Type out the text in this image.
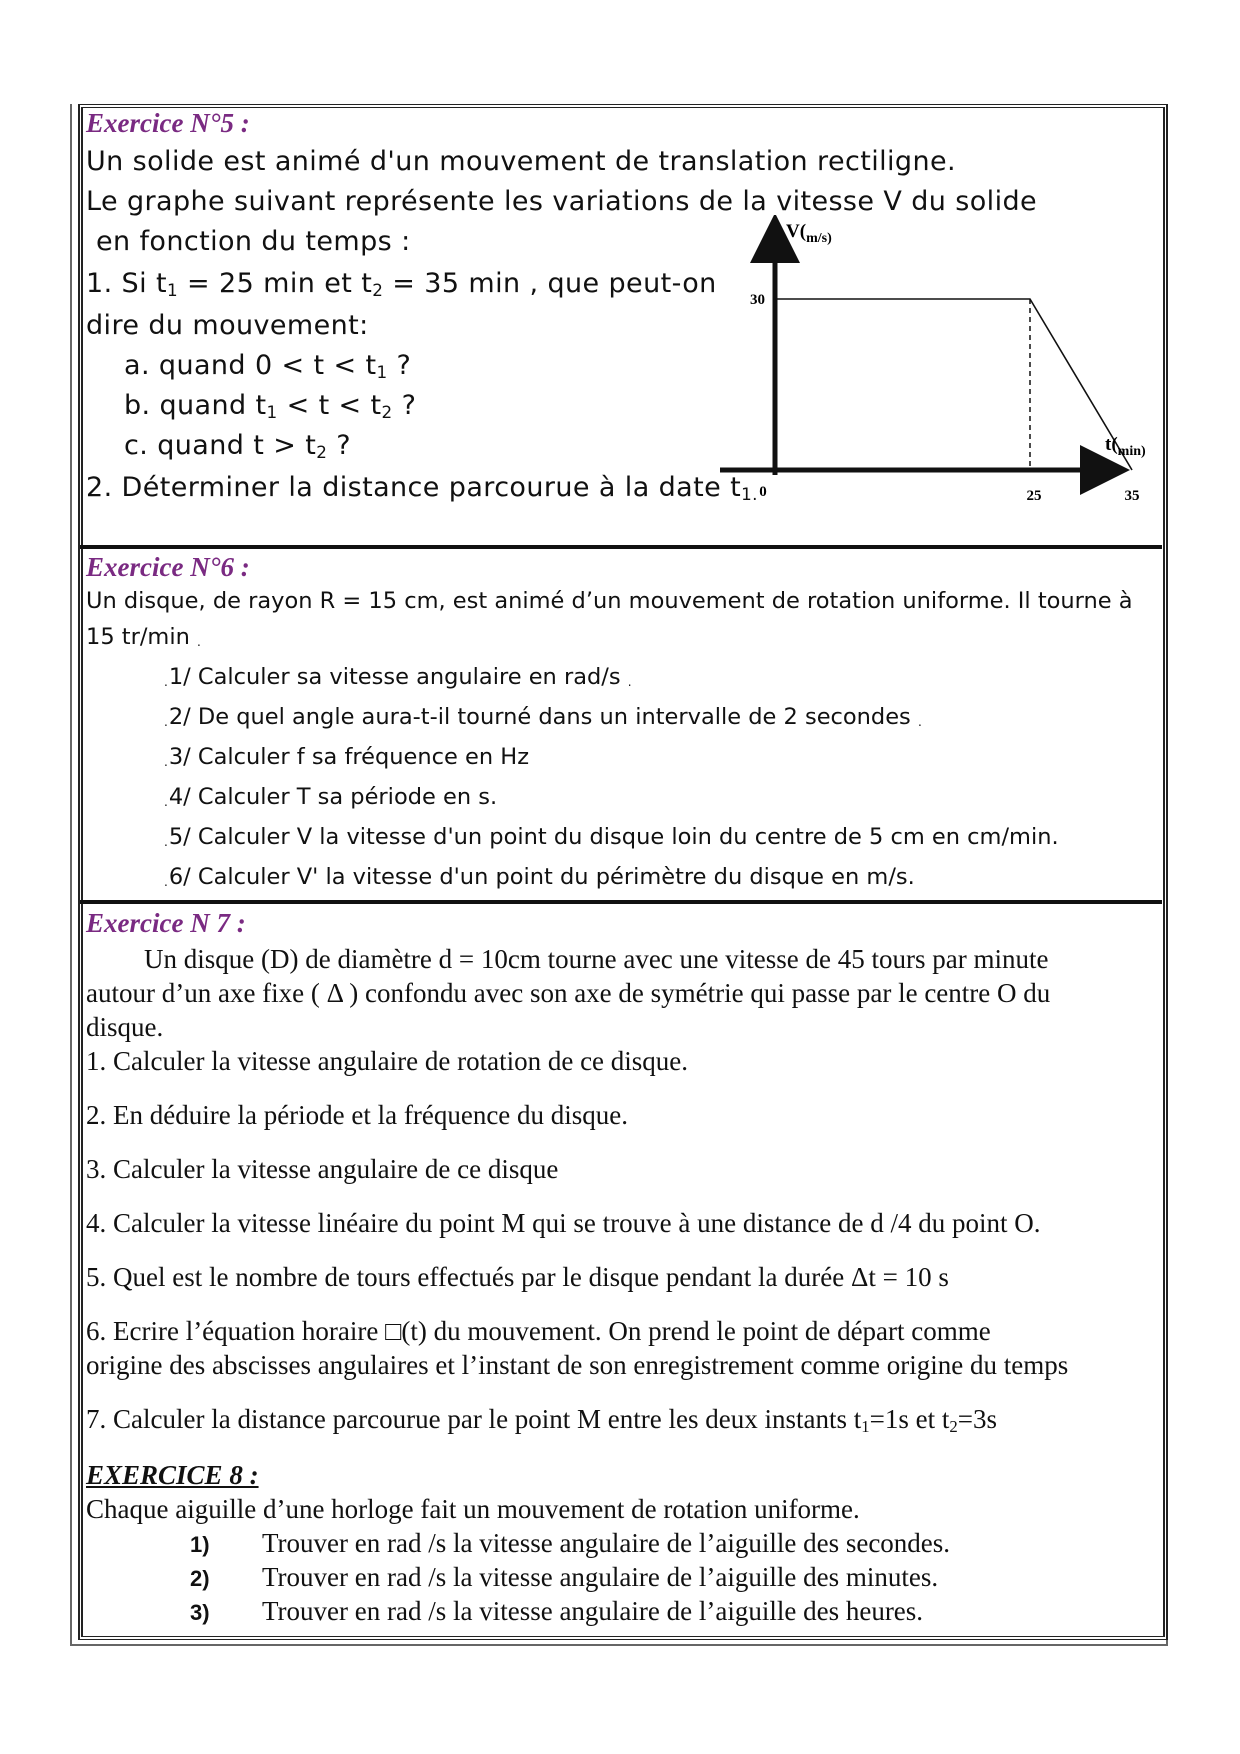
Exercice N°5 :

Un solide est animé d'un mouvement de translation rectiligne.

Le graphe suivant représente les variations de la vitesse V du solide

en fonction du temps :

1. Si $t_1 = 25$ min et $t_2 = 35$ min , que peut-on

dire du mouvement:

a. quand $0 < t < t_1$ ?

b. quand $t_1 < t < t_2$ ?

c. quand $t > t_2$ ?

2. Déterminer la distance parcourue à la date $t_{1.}$

$V(_{m/s)}$
$t(_{min)}$
30
0	25	35

Exercice N°6 :

Un disque, de rayon R = 15 cm, est animé d’un mouvement de rotation uniforme. Il tourne à

15 tr/min .

.1/ Calculer sa vitesse angulaire en rad/s .

.2/ De quel angle aura-t-il tourné dans un intervalle de 2 secondes .

.3/ Calculer f sa fréquence en Hz

.4/ Calculer T sa période en s.

.5/ Calculer V la vitesse d'un point du disque loin du centre de 5 cm en cm/min.

.6/ Calculer V' la vitesse d'un point du périmètre du disque en m/s.

Exercice N 7 :

Un disque (D) de diamètre d = 10cm tourne avec une vitesse de 45 tours par minute

autour d’un axe fixe ( Δ ) confondu avec son axe de symétrie qui passe par le centre O du

disque.

1. Calculer la vitesse angulaire de rotation de ce disque.

2. En déduire la période et la fréquence du disque.

3. Calculer la vitesse angulaire de ce disque

4. Calculer la vitesse linéaire du point M qui se trouve à une distance de d /4 du point O.

5. Quel est le nombre de tours effectués par le disque pendant la durée Δt = 10 s

6. Ecrire l’équation horaire □(t) du mouvement. On prend le point de départ comme

origine des abscisses angulaires et l’instant de son enregistrement comme origine du temps

7. Calculer la distance parcourue par le point M entre les deux instants $t_1=1s$ et $t_2=3s$

EXERCICE 8 :

Chaque aiguille d’une horloge fait un mouvement de rotation uniforme.

1) Trouver en rad /s la vitesse angulaire de l’aiguille des secondes.

2) Trouver en rad /s la vitesse angulaire de l’aiguille des minutes.

3) Trouver en rad /s la vitesse angulaire de l’aiguille des heures.
